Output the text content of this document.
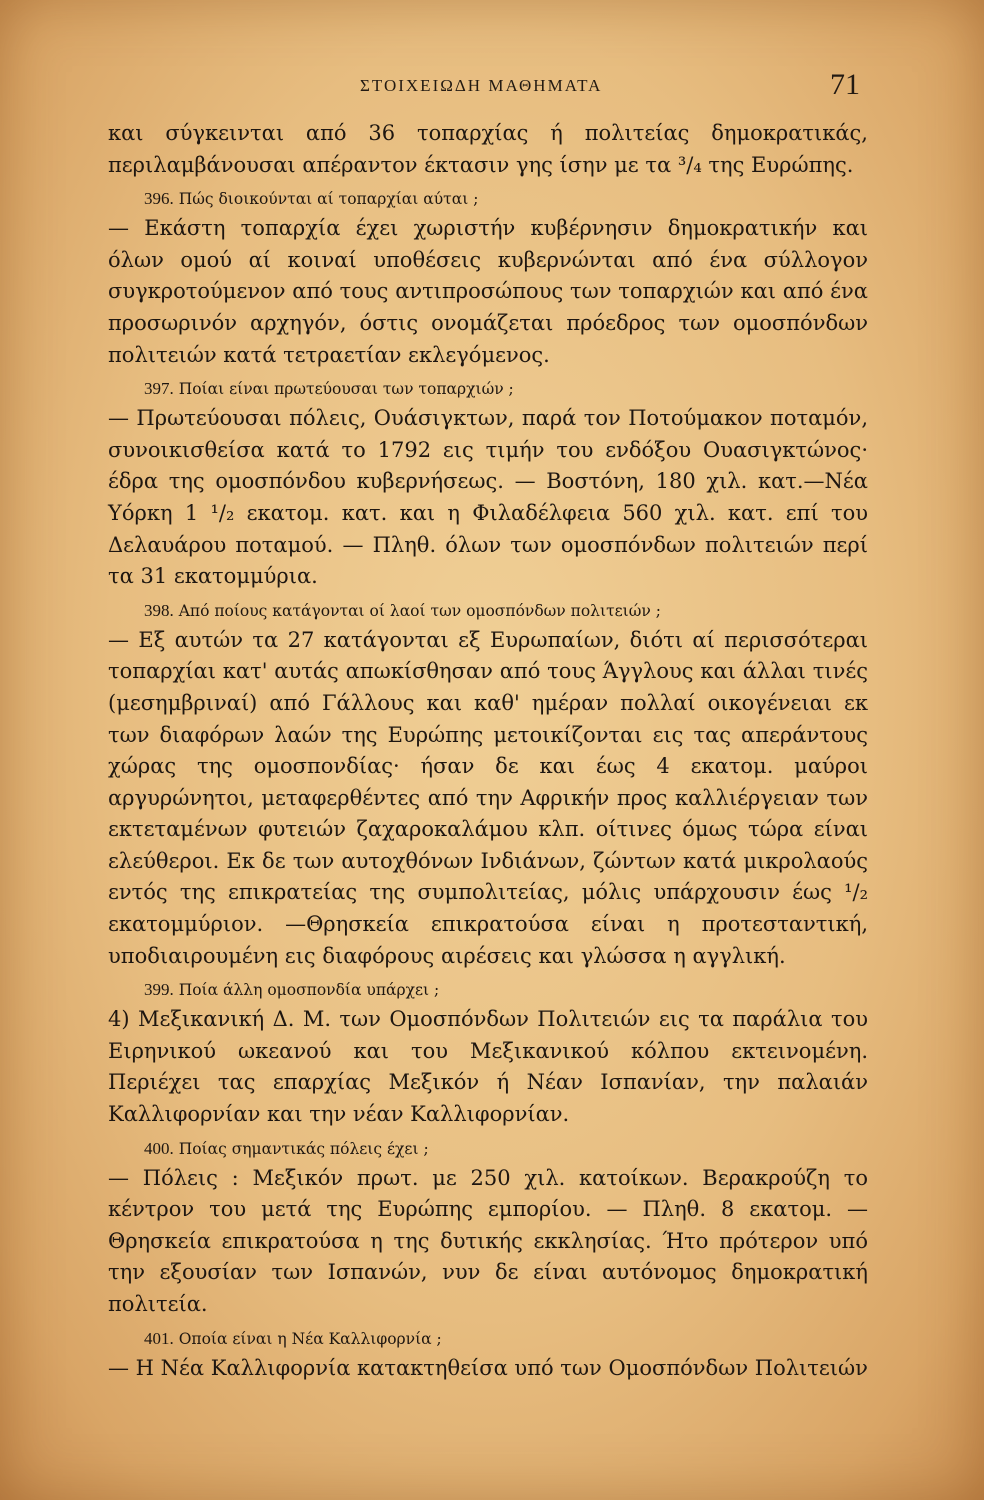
ΣΤΟΙΧΕΙΩΔΗ ΜΑΘΗΜΑΤΑ	71

και σύγκεινται από 36 τοπαρχίας ή πολιτείας δημοκρατικάς, περιλαμβάνουσαι απέραντον έκτασιν γης ίσην με τα ³/₄ της Ευρώπης.

396. Πώς διοικούνται αί τοπαρχίαι αύται ;

— Εκάστη τοπαρχία έχει χωριστήν κυβέρνησιν δημοκρατικήν και όλων ομού αί κοιναί υποθέσεις κυβερνώνται από ένα σύλλογον συγκροτούμενον από τους αντιπροσώπους των τοπαρχιών και από ένα προσωρινόν αρχηγόν, όστις ονομάζεται πρόεδρος των ομοσπόνδων πολιτειών κατά τετραετίαν εκλεγόμενος.

397. Ποίαι είναι πρωτεύουσαι των τοπαρχιών ;

— Πρωτεύουσαι πόλεις, Ουάσιγκτων, παρά τον Ποτούμακον ποταμόν, συνοικισθείσα κατά το 1792 εις τιμήν του ενδόξου Ουασιγκτώνος· έδρα της ομοσπόνδου κυβερνήσεως. — Βοστόνη, 180 χιλ. κατ.—Νέα Υόρκη 1 ¹/₂ εκατομ. κατ. και η Φιλαδέλφεια 560 χιλ. κατ. επί του Δελαυάρου ποταμού. — Πληθ. όλων των ομοσπόνδων πολιτειών περί τα 31 εκατομμύρια.

398. Από ποίους κατάγονται οί λαοί των ομοσπόνδων πολιτειών ;

— Εξ αυτών τα 27 κατάγονται εξ Ευρωπαίων, διότι αί περισσότεραι τοπαρχίαι κατ' αυτάς απωκίσθησαν από τους Άγγλους και άλλαι τινές (μεσημβριναί) από Γάλλους και καθ' ημέραν πολλαί οικογένειαι εκ των διαφόρων λαών της Ευρώπης μετοικίζονται εις τας απεράντους χώρας της ομοσπονδίας· ήσαν δε και έως 4 εκατομ. μαύροι αργυρώνητοι, μεταφερθέντες από την Αφρικήν προς καλλιέργειαν των εκτεταμένων φυτειών ζαχαροκαλάμου κλπ. οίτινες όμως τώρα είναι ελεύθεροι. Εκ δε των αυτοχθόνων Ινδιάνων, ζώντων κατά μικρολαούς εντός της επικρατείας της συμπολιτείας, μόλις υπάρχουσιν έως ¹/₂ εκατομμύριον. —Θρησκεία επικρατούσα είναι η προτεσταντική, υποδιαιρουμένη εις διαφόρους αιρέσεις και γλώσσα η αγγλική.

399. Ποία άλλη ομοσπονδία υπάρχει ;

4) Μεξικανική Δ. Μ. των Ομοσπόνδων Πολιτειών εις τα παράλια του Ειρηνικού ωκεανού και του Μεξικανικού κόλπου εκτεινομένη. Περιέχει τας επαρχίας Μεξικόν ή Νέαν Ισπανίαν, την παλαιάν Καλλιφορνίαν και την νέαν Καλλιφορνίαν.

400. Ποίας σημαντικάς πόλεις έχει ;

— Πόλεις : Μεξικόν πρωτ. με 250 χιλ. κατοίκων. Βερακρούζη το κέντρον του μετά της Ευρώπης εμπορίου. — Πληθ. 8 εκατομ. — Θρησκεία επικρατούσα η της δυτικής εκκλησίας. Ήτο πρότερον υπό την εξουσίαν των Ισπανών, νυν δε είναι αυτόνομος δημοκρατική πολιτεία.

401. Οποία είναι η Νέα Καλλιφορνία ;

— Η Νέα Καλλιφορνία κατακτηθείσα υπό των Ομοσπόνδων Πολιτειών
